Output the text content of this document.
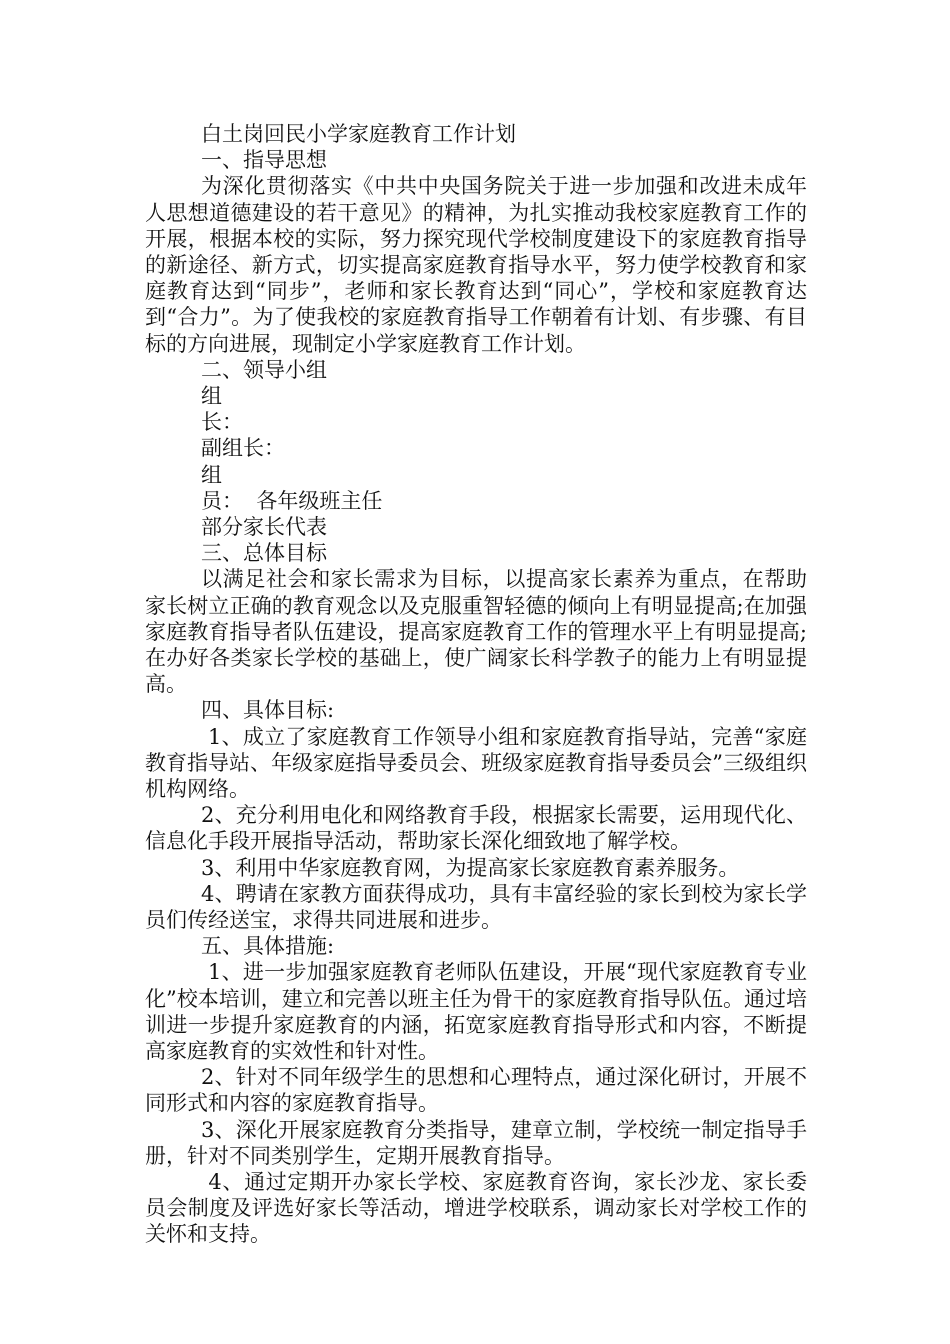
白土岗回民小学家庭教育工作计划
一、指导思想

为深化贯彻落实《中共中央国务院关于进一步加强和改进未成年人思想道德建设的若干意见》的精神，为扎实推动我校家庭教育工作的开展，根据本校的实际，努力探究现代学校制度建设下的家庭教育指导的新途径、新方式，切实提高家庭教育指导水平，努力使学校教育和家庭教育达到“同步”，老师和家长教育达到“同心”，学校和家庭教育达到“合力”。为了使我校的家庭教育指导工作朝着有计划、有步骤、有目标的方向进展，现制定小学家庭教育工作计划。

二、领导小组
组
长：
副组长：
组
员：  各年级班主任
部分家长代表
三、总体目标

以满足社会和家长需求为目标，以提高家长素养为重点，在帮助家长树立正确的教育观念以及克服重智轻德的倾向上有明显提高;在加强家庭教育指导者队伍建设，提高家庭教育工作的管理水平上有明显提高;在办好各类家长学校的基础上，使广阔家长科学教子的能力上有明显提高。

四、具体目标:

1、成立了家庭教育工作领导小组和家庭教育指导站，完善“家庭教育指导站、年级家庭指导委员会、班级家庭教育指导委员会”三级组织机构网络。

2、充分利用电化和网络教育手段，根据家长需要，运用现代化、信息化手段开展指导活动，帮助家长深化细致地了解学校。

3、利用中华家庭教育网，为提高家长家庭教育素养服务。

4、聘请在家教方面获得成功，具有丰富经验的家长到校为家长学员们传经送宝，求得共同进展和进步。

五、具体措施:

1、进一步加强家庭教育老师队伍建设，开展“现代家庭教育专业化”校本培训，建立和完善以班主任为骨干的家庭教育指导队伍。通过培训进一步提升家庭教育的内涵，拓宽家庭教育指导形式和内容，不断提高家庭教育的实效性和针对性。

2、针对不同年级学生的思想和心理特点，通过深化研讨，开展不同形式和内容的家庭教育指导。

3、深化开展家庭教育分类指导，建章立制，学校统一制定指导手册，针对不同类别学生，定期开展教育指导。

4、通过定期开办家长学校、家庭教育咨询，家长沙龙、家长委员会制度及评选好家长等活动，增进学校联系，调动家长对学校工作的关怀和支持。
